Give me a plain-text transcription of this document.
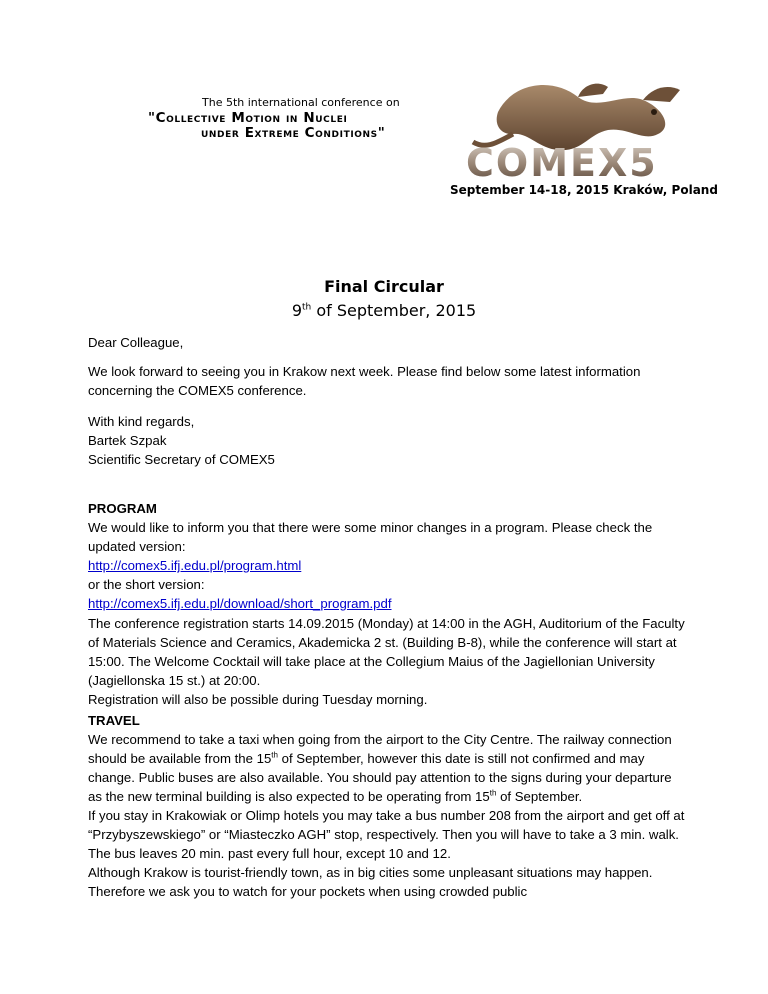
The 5th international conference on
"Collective Motion in Nuclei
under Extreme Conditions"
COMEX5
September 14-18, 2015 Kraków, Poland
Final Circular
9th of September, 2015
Dear Colleague,
We look forward to seeing you in Krakow next week. Please find below some latest information concerning the COMEX5 conference.

With kind regards,

Bartek Szpak

Scientific Secretary of COMEX5

PROGRAM

We would like to inform you that there were some minor changes in a program. Please check the updated version:

http://comex5.ifj.edu.pl/program.html

or the short version:

http://comex5.ifj.edu.pl/download/short_program.pdf

The conference registration starts 14.09.2015 (Monday) at 14:00 in the AGH, Auditorium of the Faculty of Materials Science and Ceramics, Akademicka 2 st. (Building B-8), while the conference will start at 15:00. The Welcome Cocktail will take place at the Collegium Maius of the Jagiellonian University (Jagiellonska 15 st.) at 20:00.

Registration will also be possible during Tuesday morning.

TRAVEL

We recommend to take a taxi when going from the airport to the City Centre. The railway connection should be available from the 15th of September, however this date is still not confirmed and may change. Public buses are also available. You should pay attention to the signs during your departure as the new terminal building is also expected to be operating from 15th of September.

If you stay in Krakowiak or Olimp hotels you may take a bus number 208 from the airport and get off at “Przybyszewskiego” or “Miasteczko AGH” stop, respectively. Then you will have to take a 3 min. walk. The bus leaves 20 min. past every full hour, except 10 and 12.

Although Krakow is tourist-friendly town, as in big cities some unpleasant situations may happen. Therefore we ask you to watch for your pockets when using crowded public
